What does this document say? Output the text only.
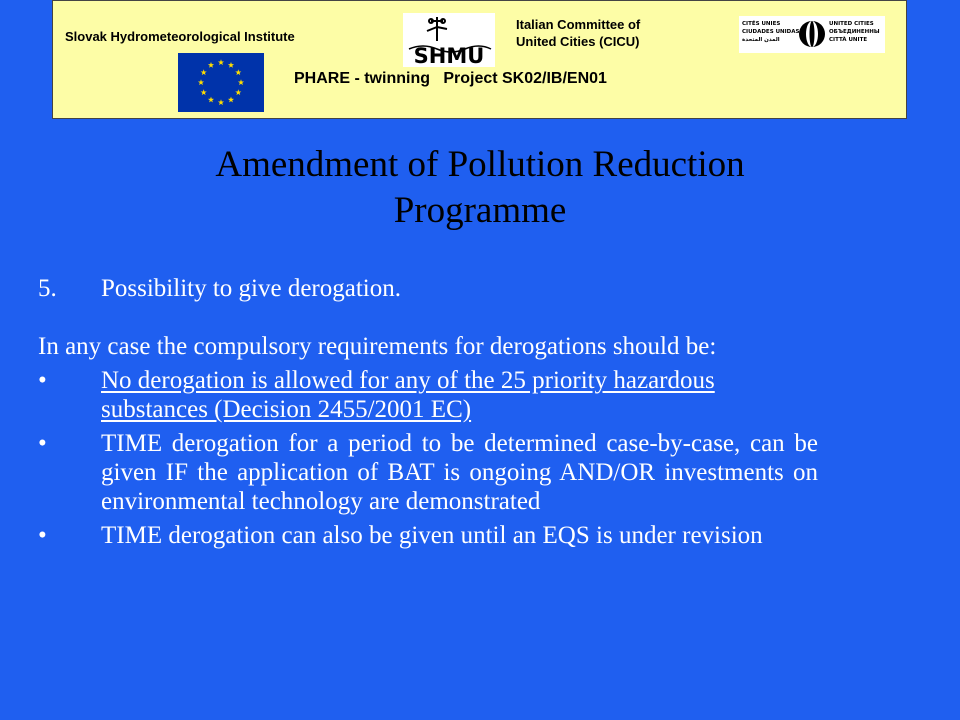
Slovak Hydrometeorological Institute
SHMU
Italian Committee of
United Cities (CICU)
CITÉS UNIES
CIUDADES UNIDAS
المدن المتحدة
UNITED CITIES
ОБЪЕДИНЕННЫ
CITTÀ UNITE
PHARE - twinning   Project SK02/IB/EN01
Amendment of Pollution Reduction
Programme
5.	Possibility to give derogation.
In any case the compulsory requirements for derogations should be:
•	No derogation is allowed for any of the 25 priority hazardous substances (Decision 2455/2001 EC)
•	TIME derogation for a period to be determined case-by-case, can be given IF the application of BAT is ongoing AND/OR investments on environmental technology are demonstrated
•	TIME derogation can also be given until an EQS is under revision
